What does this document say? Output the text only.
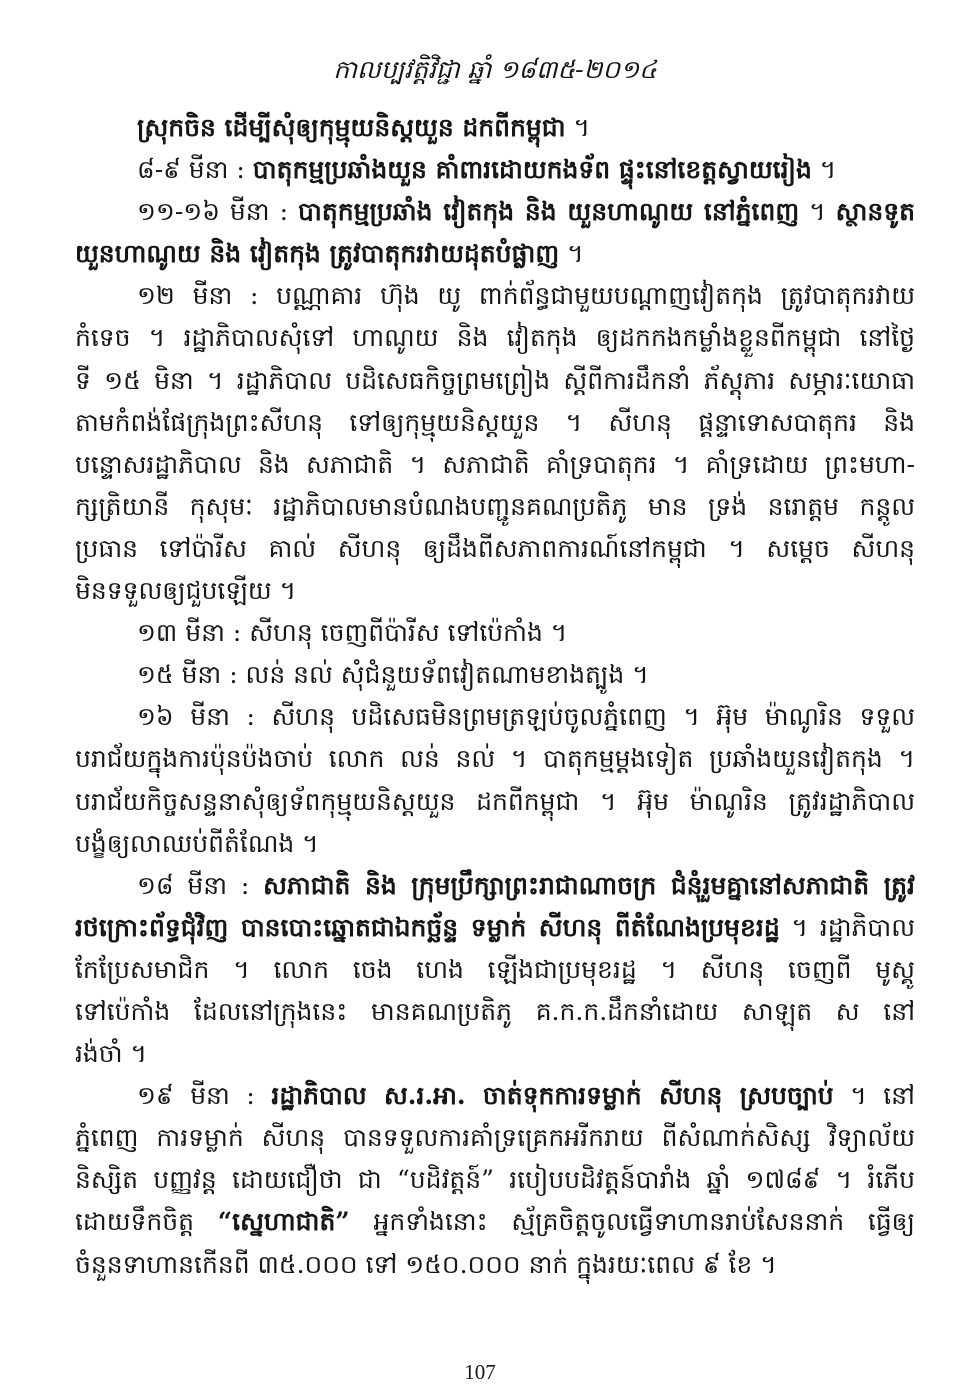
កាលប្បវត្តិវិជ្ជា ឆ្នាំ ១៨៣៥-២០១៤
ស្រុកចិន ដើម្បីសុំឲ្យកុម្មុយនិស្តយួន ដកពីកម្ពុជា ។
៨-៩ មីនា : បាតុកម្មប្រឆាំងយួន គាំពារដោយកងទ័ព ផ្ទុះនៅខេត្តស្វាយរៀង ។
១១-១៦ មីនា : បាតុកម្មប្រឆាំង វៀតកុង និង យួនហាណូយ នៅភ្នំពេញ ។ ស្ថានទូត
យួនហាណូយ និង វៀតកុង ត្រូវបាតុករវាយដុតបំផ្លាញ ។
១២ មីនា : បណ្ណាគារ ហ៊ុង យូ ពាក់ព័ន្ធជាមួយបណ្តាញវៀតកុង ត្រូវបាតុករវាយ
កំទេច ។ រដ្ឋាភិបាលសុំទៅ ហាណូយ និង វៀតកុង ឲ្យដកកងកម្លាំងខ្លួនពីកម្ពុជា នៅថ្ងៃ
ទី ១៥ មិនា ។ រដ្ឋាភិបាល បដិសេធកិច្ចព្រមព្រៀង ស្តីពីការដឹកនាំ ភ័ស្តុភារ សម្ភារៈយោធា
តាមកំពង់ផែក្រុងព្រះសីហនុ ទៅឲ្យកុម្មុយនិស្តយួន ។ សីហនុ ផ្តន្ទាទោសបាតុករ និង
បន្ទោសរដ្ឋាភិបាល និង សភាជាតិ ។ សភាជាតិ គាំទ្របាតុករ ។ គាំទ្រដោយ ព្រះមហា-
ក្សត្រិយានី កុសុមៈ រដ្ឋាភិបាលមានបំណងបញ្ជូនគណប្រតិភូ មាន ទ្រង់ នរោត្តម កន្តូល
ប្រធាន ទៅប៉ារីស គាល់ សីហនុ ឲ្យដឹងពីសភាពការណ៍នៅកម្ពុជា ។ សម្តេច សីហនុ
មិនទទួលឲ្យជួបឡើយ ។
១៣ មីនា : សីហនុ ចេញពីប៉ារីស ទៅប៉េកាំង ។
១៥ មីនា : លន់ នល់ សុំជំនួយទ័ពវៀតណាមខាងត្បូង ។
១៦ មីនា : សីហនុ បដិសេធមិនព្រមត្រឡប់ចូលភ្នំពេញ ។ អ៊ុម ម៉ាណូរិន ទទួល
បរាជ័យក្នុងការប៉ុនប៉ងចាប់ លោក លន់ នល់ ។ បាតុកម្មម្តងទៀត ប្រឆាំងយួនវៀតកុង ។
បរាជ័យកិច្ចសន្ទនាសុំឲ្យទ័ពកុម្មុយនិស្តយួន ដកពីកម្ពុជា ។ អ៊ុម ម៉ាណូរិន ត្រូវរដ្ឋាភិបាល
បង្ខំឲ្យលាឈប់ពីតំណែង ។
១៨ មីនា : សភាជាតិ និង ក្រុមប្រឹក្សាព្រះរាជាណាចក្រ ជំនុំរួមគ្នានៅសភាជាតិ ត្រូវ
រថក្រោះព័ទ្ធជុំវិញ បានបោះឆ្នោតជាឯកច្ឆ័ន្ទ ទម្លាក់ សីហនុ ពីតំណែងប្រមុខរដ្ឋ ។ រដ្ឋាភិបាល
កែប្រែសមាជិក ។ លោក ចេង ហេង ឡើងជាប្រមុខរដ្ឋ ។ សីហនុ ចេញពី មូស្គូ
ទៅប៉េកាំង ដែលនៅក្រុងនេះ មានគណប្រតិភូ គ.ក.ក.ដឹកនាំដោយ សាឡុត ស នៅ
រង់ចាំ ។
១៩ មីនា : រដ្ឋាភិបាល ស.រ.អា. ចាត់ទុកការទម្លាក់ សីហនុ ស្របច្បាប់ ។ នៅ
ភ្នំពេញ ការទម្លាក់ សីហនុ បានទទួលការគាំទ្រគ្រេកអរីករាយ ពីសំណាក់សិស្ស វិទ្យាល័យ
និស្សិត បញ្ញវន្ត ដោយជឿថា ជា “បដិវត្តន៍” របៀបបដិវត្តន៍បារាំង ឆ្នាំ ១៧៨៩ ។ រំភើប
ដោយទឹកចិត្ត “ស្នេហាជាតិ” អ្នកទាំងនោះ ស្ម័គ្រចិត្តចូលធ្វើទាហានរាប់សែននាក់ ធ្វើឲ្យ
ចំនួនទាហានកើនពី ៣៥.០០០ ទៅ ១៥០.០០០ នាក់ ក្នុងរយៈពេល ៩ ខែ ។
107
